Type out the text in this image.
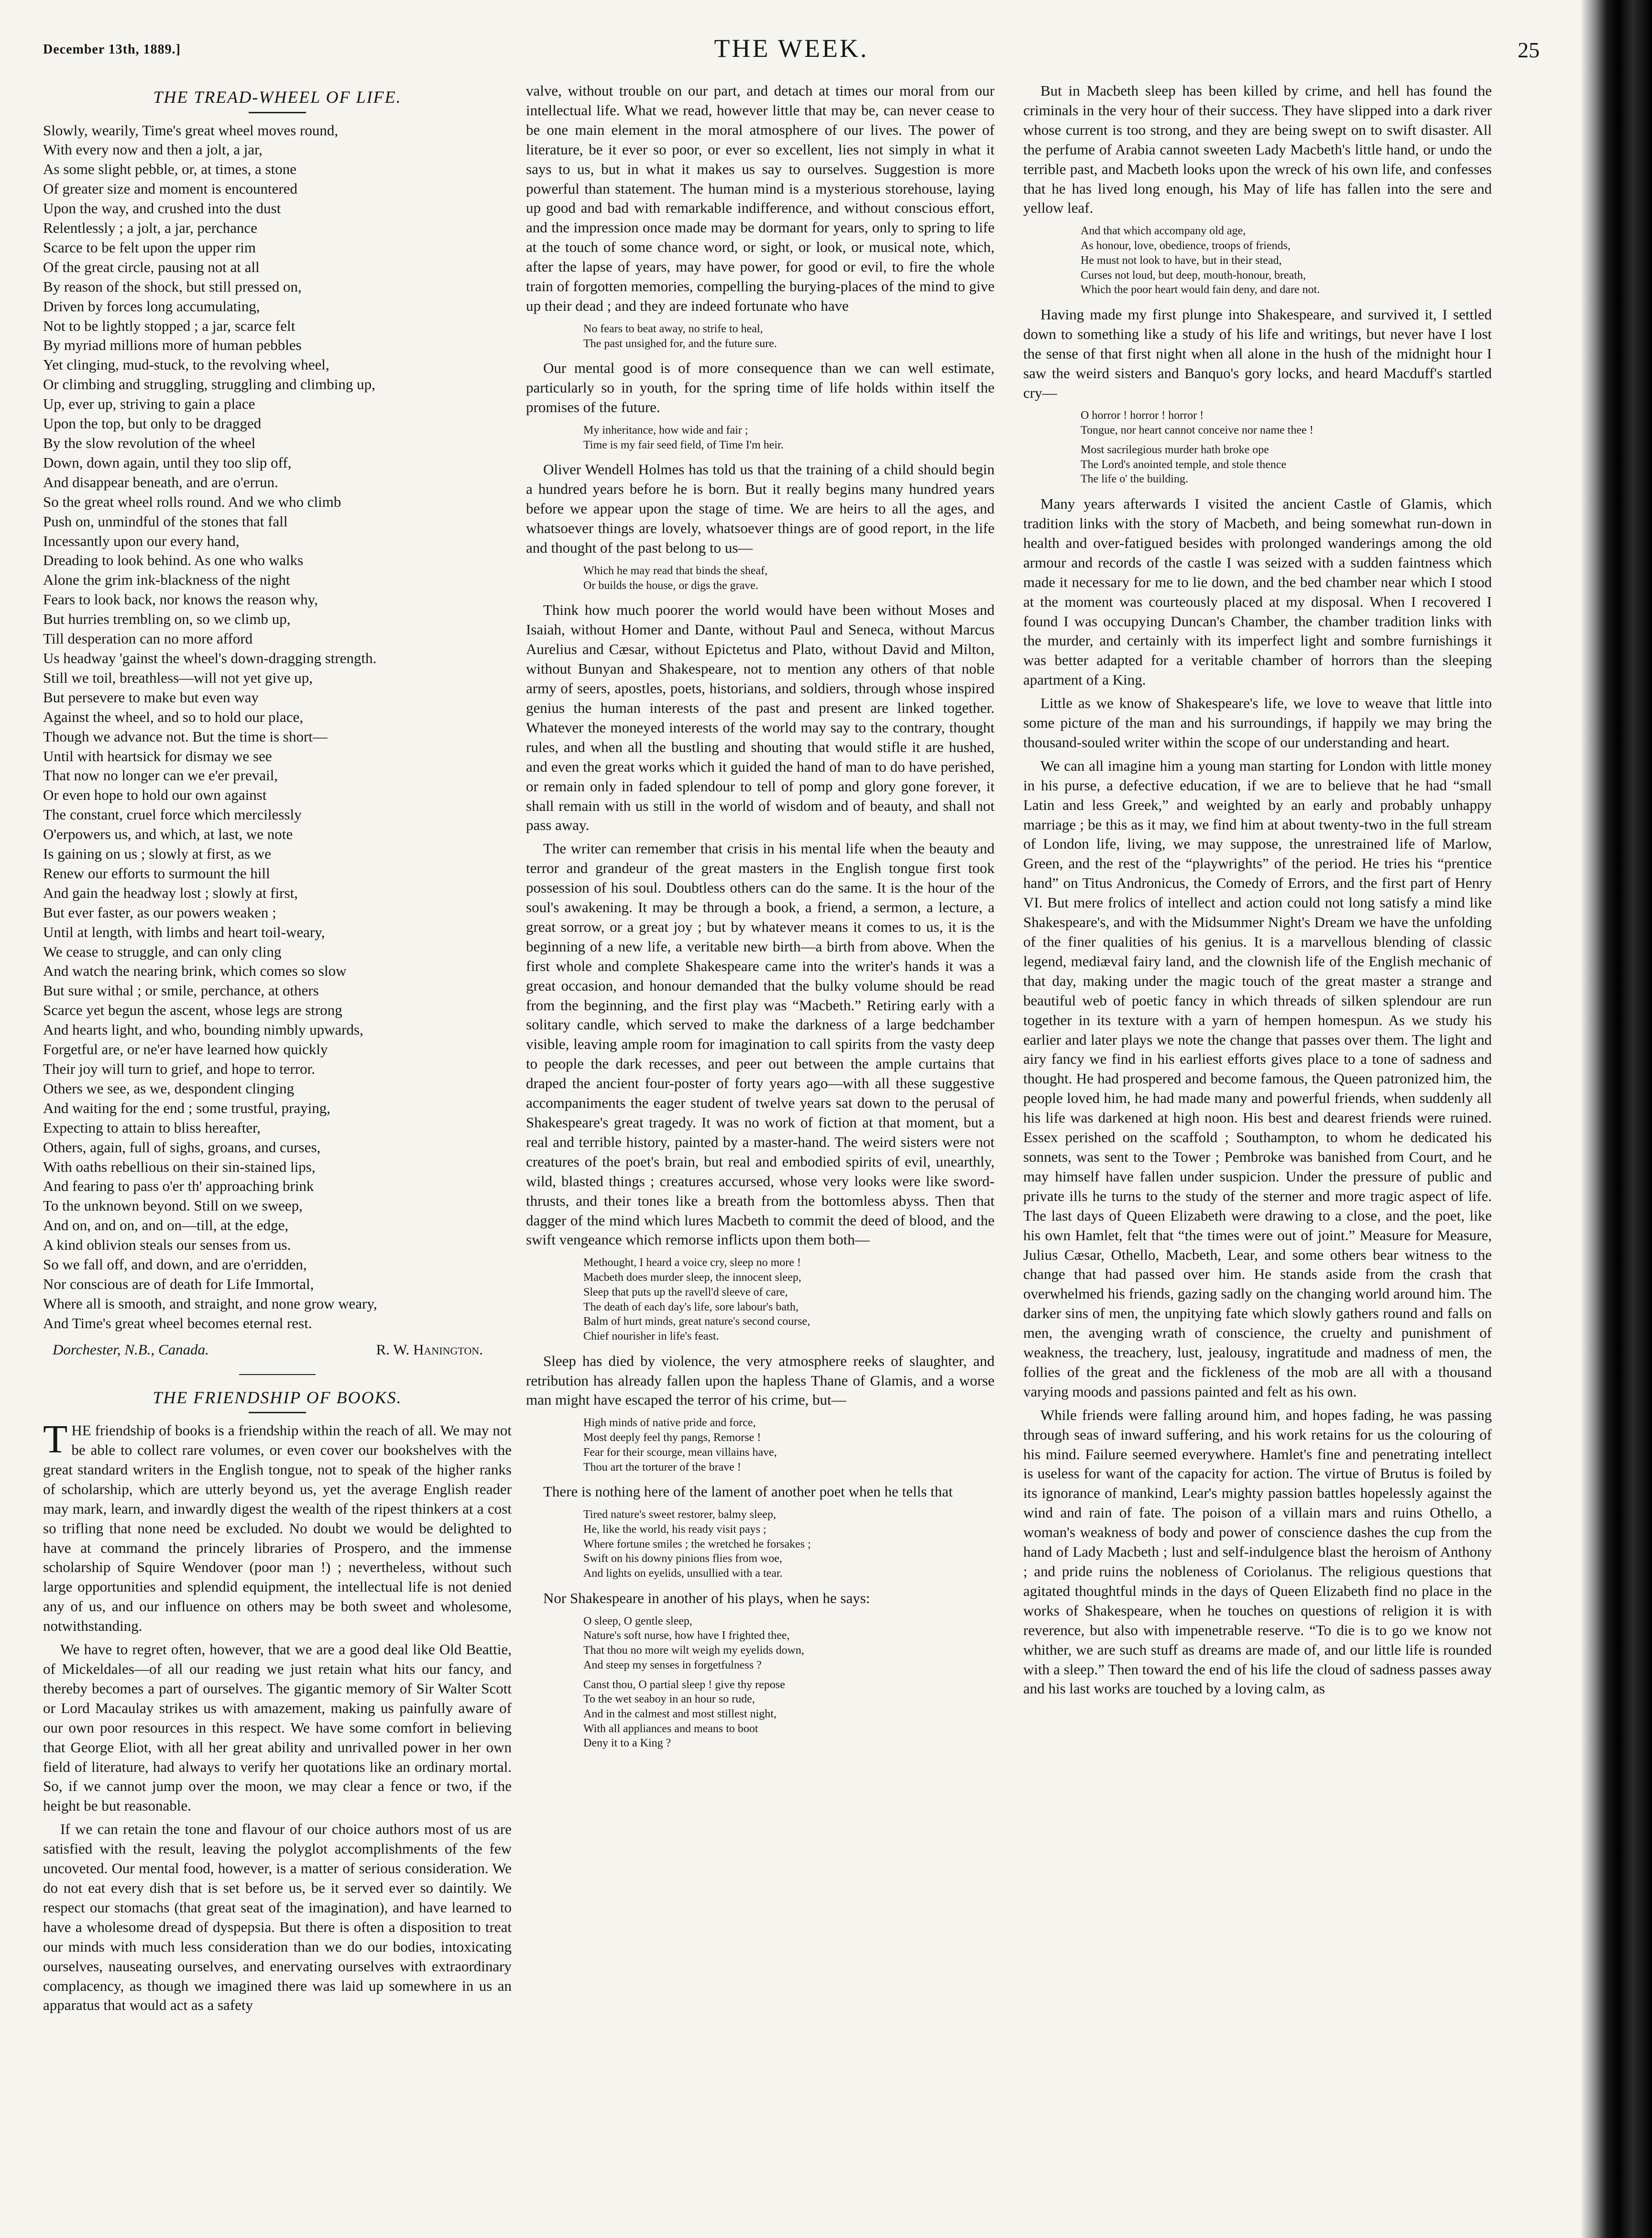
December 13th, 1889.]	THE WEEK.	25
THE TREAD-WHEEL OF LIFE.
Slowly, wearily, Time's great wheel moves round,
With every now and then a jolt, a jar,
As some slight pebble, or, at times, a stone
Of greater size and moment is encountered
Upon the way, and crushed into the dust
Relentlessly ; a jolt, a jar, perchance
Scarce to be felt upon the upper rim
Of the great circle, pausing not at all
By reason of the shock, but still pressed on,
Driven by forces long accumulating,
Not to be lightly stopped ; a jar, scarce felt
By myriad millions more of human pebbles
Yet clinging, mud-stuck, to the revolving wheel,
Or climbing and struggling, struggling and climbing up,
Up, ever up, striving to gain a place
Upon the top, but only to be dragged
By the slow revolution of the wheel
Down, down again, until they too slip off,
And disappear beneath, and are o'errun.
So the great wheel rolls round. And we who climb
Push on, unmindful of the stones that fall
Incessantly upon our every hand,
Dreading to look behind. As one who walks
Alone the grim ink-blackness of the night
Fears to look back, nor knows the reason why,
But hurries trembling on, so we climb up,
Till desperation can no more afford
Us headway 'gainst the wheel's down-dragging strength.
Still we toil, breathless—will not yet give up,
But persevere to make but even way
Against the wheel, and so to hold our place,
Though we advance not. But the time is short—
Until with heartsick for dismay we see
That now no longer can we e'er prevail,
Or even hope to hold our own against
The constant, cruel force which mercilessly
O'erpowers us, and which, at last, we note
Is gaining on us ; slowly at first, as we
Renew our efforts to surmount the hill
And gain the headway lost ; slowly at first,
But ever faster, as our powers weaken ;
Until at length, with limbs and heart toil-weary,
We cease to struggle, and can only cling
And watch the nearing brink, which comes so slow
But sure withal ; or smile, perchance, at others
Scarce yet begun the ascent, whose legs are strong
And hearts light, and who, bounding nimbly upwards,
Forgetful are, or ne'er have learned how quickly
Their joy will turn to grief, and hope to terror.
Others we see, as we, despondent clinging
And waiting for the end ; some trustful, praying,
Expecting to attain to bliss hereafter,
Others, again, full of sighs, groans, and curses,
With oaths rebellious on their sin-stained lips,
And fearing to pass o'er th' approaching brink
To the unknown beyond. Still on we sweep,
And on, and on, and on—till, at the edge,
A kind oblivion steals our senses from us.
So we fall off, and down, and are o'erridden,
Nor conscious are of death for Life Immortal,
Where all is smooth, and straight, and none grow weary,
And Time's great wheel becomes eternal rest.
Dorchester, N.B., Canada.	R. W. Hanington.
THE FRIENDSHIP OF BOOKS.

THE friendship of books is a friendship within the reach of all. We may not be able to collect rare volumes, or even cover our bookshelves with the great standard writers in the English tongue, not to speak of the higher ranks of scholarship, which are utterly beyond us, yet the average English reader may mark, learn, and inwardly digest the wealth of the ripest thinkers at a cost so trifling that none need be excluded. No doubt we would be delighted to have at command the princely libraries of Prospero, and the immense scholarship of Squire Wendover (poor man !) ; nevertheless, without such large opportunities and splendid equipment, the intellectual life is not denied any of us, and our influence on others may be both sweet and wholesome, notwithstanding.

We have to regret often, however, that we are a good deal like Old Beattie, of Mickeldales—of all our reading we just retain what hits our fancy, and thereby becomes a part of ourselves. The gigantic memory of Sir Walter Scott or Lord Macaulay strikes us with amazement, making us painfully aware of our own poor resources in this respect. We have some comfort in believing that George Eliot, with all her great ability and unrivalled power in her own field of literature, had always to verify her quotations like an ordinary mortal. So, if we cannot jump over the moon, we may clear a fence or two, if the height be but reasonable.

If we can retain the tone and flavour of our choice authors most of us are satisfied with the result, leaving the polyglot accomplishments of the few uncoveted. Our mental food, however, is a matter of serious consideration. We do not eat every dish that is set before us, be it served ever so daintily. We respect our stomachs (that great seat of the imagination), and have learned to have a wholesome dread of dyspepsia. But there is often a disposition to treat our minds with much less consideration than we do our bodies, intoxicating ourselves, nauseating ourselves, and enervating ourselves with extraordinary complacency, as though we imagined there was laid up somewhere in us an apparatus that would act as a safety

valve, without trouble on our part, and detach at times our moral from our intellectual life. What we read, however little that may be, can never cease to be one main element in the moral atmosphere of our lives. The power of literature, be it ever so poor, or ever so excellent, lies not simply in what it says to us, but in what it makes us say to ourselves. Suggestion is more powerful than statement. The human mind is a mysterious storehouse, laying up good and bad with remarkable indifference, and without conscious effort, and the impression once made may be dormant for years, only to spring to life at the touch of some chance word, or sight, or look, or musical note, which, after the lapse of years, may have power, for good or evil, to fire the whole train of forgotten memories, compelling the burying-places of the mind to give up their dead ; and they are indeed fortunate who have

No fears to beat away, no strife to heal,
The past unsighed for, and the future sure.

Our mental good is of more consequence than we can well estimate, particularly so in youth, for the spring time of life holds within itself the promises of the future.

My inheritance, how wide and fair ;
Time is my fair seed field, of Time I'm heir.

Oliver Wendell Holmes has told us that the training of a child should begin a hundred years before he is born. But it really begins many hundred years before we appear upon the stage of time. We are heirs to all the ages, and whatsoever things are lovely, whatsoever things are of good report, in the life and thought of the past belong to us—

Which he may read that binds the sheaf,
Or builds the house, or digs the grave.

Think how much poorer the world would have been without Moses and Isaiah, without Homer and Dante, without Paul and Seneca, without Marcus Aurelius and Cæsar, without Epictetus and Plato, without David and Milton, without Bunyan and Shakespeare, not to mention any others of that noble army of seers, apostles, poets, historians, and soldiers, through whose inspired genius the human interests of the past and present are linked together. Whatever the moneyed interests of the world may say to the contrary, thought rules, and when all the bustling and shouting that would stifle it are hushed, and even the great works which it guided the hand of man to do have perished, or remain only in faded splendour to tell of pomp and glory gone forever, it shall remain with us still in the world of wisdom and of beauty, and shall not pass away.

The writer can remember that crisis in his mental life when the beauty and terror and grandeur of the great masters in the English tongue first took possession of his soul. Doubtless others can do the same. It is the hour of the soul's awakening. It may be through a book, a friend, a sermon, a lecture, a great sorrow, or a great joy ; but by whatever means it comes to us, it is the beginning of a new life, a veritable new birth—a birth from above. When the first whole and complete Shakespeare came into the writer's hands it was a great occasion, and honour demanded that the bulky volume should be read from the beginning, and the first play was “Macbeth.” Retiring early with a solitary candle, which served to make the darkness of a large bedchamber visible, leaving ample room for imagination to call spirits from the vasty deep to people the dark recesses, and peer out between the ample curtains that draped the ancient four-poster of forty years ago—with all these suggestive accompaniments the eager student of twelve years sat down to the perusal of Shakespeare's great tragedy. It was no work of fiction at that moment, but a real and terrible history, painted by a master-hand. The weird sisters were not creatures of the poet's brain, but real and embodied spirits of evil, unearthly, wild, blasted things ; creatures accursed, whose very looks were like sword-thrusts, and their tones like a breath from the bottomless abyss. Then that dagger of the mind which lures Macbeth to commit the deed of blood, and the swift vengeance which remorse inflicts upon them both—

Methought, I heard a voice cry, sleep no more !
Macbeth does murder sleep, the innocent sleep,
Sleep that puts up the ravell'd sleeve of care,
The death of each day's life, sore labour's bath,
Balm of hurt minds, great nature's second course,
Chief nourisher in life's feast.

Sleep has died by violence, the very atmosphere reeks of slaughter, and retribution has already fallen upon the hapless Thane of Glamis, and a worse man might have escaped the terror of his crime, but—

High minds of native pride and force,
Most deeply feel thy pangs, Remorse !
Fear for their scourge, mean villains have,
Thou art the torturer of the brave !

There is nothing here of the lament of another poet when he tells that

Tired nature's sweet restorer, balmy sleep,
He, like the world, his ready visit pays ;
Where fortune smiles ; the wretched he forsakes ;
Swift on his downy pinions flies from woe,
And lights on eyelids, unsullied with a tear.

Nor Shakespeare in another of his plays, when he says:

O sleep, O gentle sleep,
Nature's soft nurse, how have I frighted thee,
That thou no more wilt weigh my eyelids down,
And steep my senses in forgetfulness ?
Canst thou, O partial sleep ! give thy repose
To the wet seaboy in an hour so rude,
And in the calmest and most stillest night,
With all appliances and means to boot
Deny it to a King ?

But in Macbeth sleep has been killed by crime, and hell has found the criminals in the very hour of their success. They have slipped into a dark river whose current is too strong, and they are being swept on to swift disaster. All the perfume of Arabia cannot sweeten Lady Macbeth's little hand, or undo the terrible past, and Macbeth looks upon the wreck of his own life, and confesses that he has lived long enough, his May of life has fallen into the sere and yellow leaf.

And that which accompany old age,
As honour, love, obedience, troops of friends,
He must not look to have, but in their stead,
Curses not loud, but deep, mouth-honour, breath,
Which the poor heart would fain deny, and dare not.

Having made my first plunge into Shakespeare, and survived it, I settled down to something like a study of his life and writings, but never have I lost the sense of that first night when all alone in the hush of the midnight hour I saw the weird sisters and Banquo's gory locks, and heard Macduff's startled cry—

O horror ! horror ! horror !
Tongue, nor heart cannot conceive nor name thee !
Most sacrilegious murder hath broke ope
The Lord's anointed temple, and stole thence
The life o' the building.

Many years afterwards I visited the ancient Castle of Glamis, which tradition links with the story of Macbeth, and being somewhat run-down in health and over-fatigued besides with prolonged wanderings among the old armour and records of the castle I was seized with a sudden faintness which made it necessary for me to lie down, and the bed chamber near which I stood at the moment was courteously placed at my disposal. When I recovered I found I was occupying Duncan's Chamber, the chamber tradition links with the murder, and certainly with its imperfect light and sombre furnishings it was better adapted for a veritable chamber of horrors than the sleeping apartment of a King.

Little as we know of Shakespeare's life, we love to weave that little into some picture of the man and his surroundings, if happily we may bring the thousand-souled writer within the scope of our understanding and heart.

We can all imagine him a young man starting for London with little money in his purse, a defective education, if we are to believe that he had “small Latin and less Greek,” and weighted by an early and probably unhappy marriage ; be this as it may, we find him at about twenty-two in the full stream of London life, living, we may suppose, the unrestrained life of Marlow, Green, and the rest of the “playwrights” of the period. He tries his “prentice hand” on Titus Andronicus, the Comedy of Errors, and the first part of Henry VI. But mere frolics of intellect and action could not long satisfy a mind like Shakespeare's, and with the Midsummer Night's Dream we have the unfolding of the finer qualities of his genius. It is a marvellous blending of classic legend, mediæval fairy land, and the clownish life of the English mechanic of that day, making under the magic touch of the great master a strange and beautiful web of poetic fancy in which threads of silken splendour are run together in its texture with a yarn of hempen homespun. As we study his earlier and later plays we note the change that passes over them. The light and airy fancy we find in his earliest efforts gives place to a tone of sadness and thought. He had prospered and become famous, the Queen patronized him, the people loved him, he had made many and powerful friends, when suddenly all his life was darkened at high noon. His best and dearest friends were ruined. Essex perished on the scaffold ; Southampton, to whom he dedicated his sonnets, was sent to the Tower ; Pembroke was banished from Court, and he may himself have fallen under suspicion. Under the pressure of public and private ills he turns to the study of the sterner and more tragic aspect of life. The last days of Queen Elizabeth were drawing to a close, and the poet, like his own Hamlet, felt that “the times were out of joint.” Measure for Measure, Julius Cæsar, Othello, Macbeth, Lear, and some others bear witness to the change that had passed over him. He stands aside from the crash that overwhelmed his friends, gazing sadly on the changing world around him. The darker sins of men, the unpitying fate which slowly gathers round and falls on men, the avenging wrath of conscience, the cruelty and punishment of weakness, the treachery, lust, jealousy, ingratitude and madness of men, the follies of the great and the fickleness of the mob are all with a thousand varying moods and passions painted and felt as his own.

While friends were falling around him, and hopes fading, he was passing through seas of inward suffering, and his work retains for us the colouring of his mind. Failure seemed everywhere. Hamlet's fine and penetrating intellect is useless for want of the capacity for action. The virtue of Brutus is foiled by its ignorance of mankind, Lear's mighty passion battles hopelessly against the wind and rain of fate. The poison of a villain mars and ruins Othello, a woman's weakness of body and power of conscience dashes the cup from the hand of Lady Macbeth ; lust and self-indulgence blast the heroism of Anthony ; and pride ruins the nobleness of Coriolanus. The religious questions that agitated thoughtful minds in the days of Queen Elizabeth find no place in the works of Shakespeare, when he touches on questions of religion it is with reverence, but also with impenetrable reserve. “To die is to go we know not whither, we are such stuff as dreams are made of, and our little life is rounded with a sleep.” Then toward the end of his life the cloud of sadness passes away and his last works are touched by a loving calm, as
